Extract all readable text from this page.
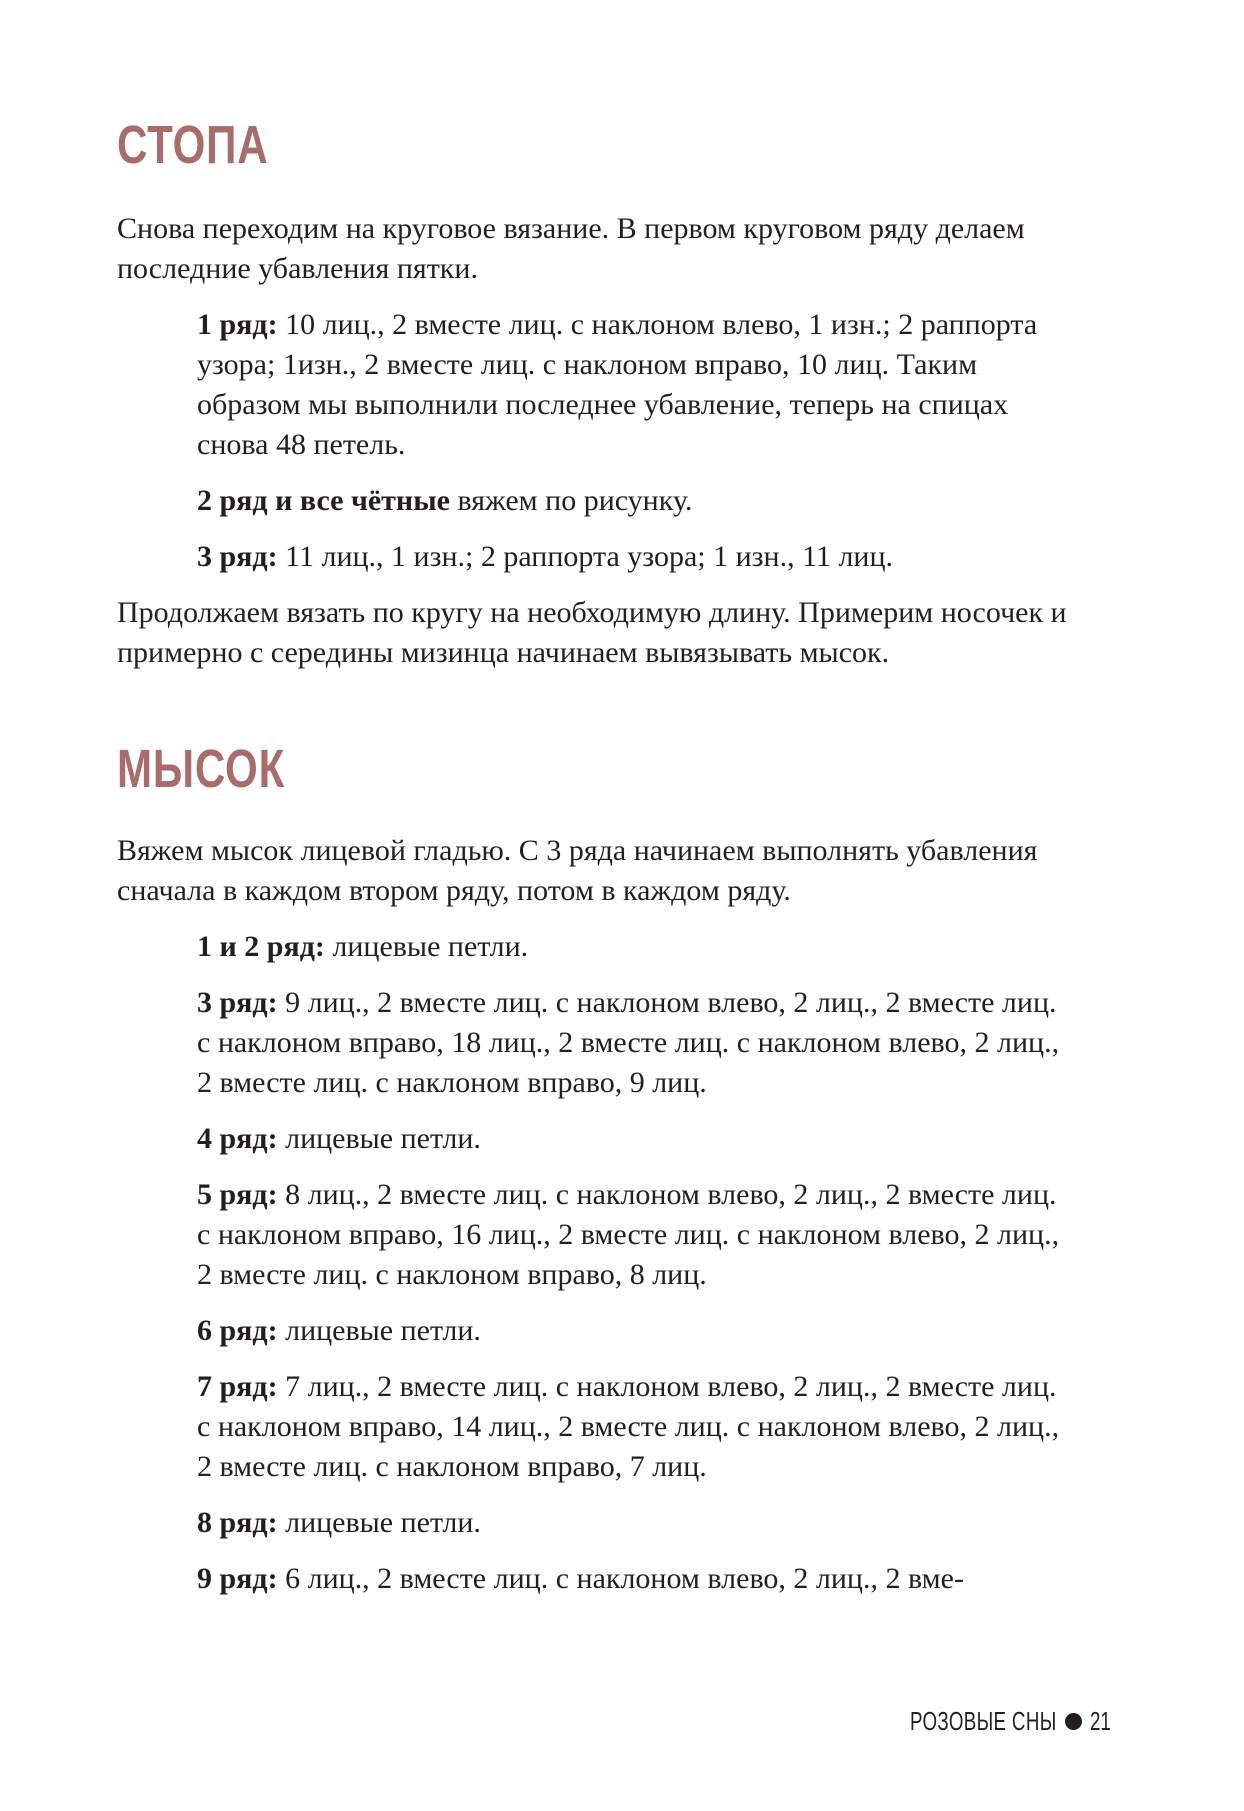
СТОПА

Снова переходим на круговое вязание. В первом круговом ряду делаем последние убавления пятки.

1 ряд: 10 лиц., 2 вместе лиц. с наклоном влево, 1 изн.; 2 раппорта узора; 1изн., 2 вместе лиц. с наклоном вправо, 10 лиц. Таким образом мы выполнили последнее убавление, теперь на спицах снова 48 петель.

2 ряд и все чётные вяжем по рисунку.

3 ряд: 11 лиц., 1 изн.; 2 раппорта узора; 1 изн., 11 лиц.

Продолжаем вязать по кругу на необходимую длину. Примерим носочек и примерно с середины мизинца начинаем вывязывать мысок.

МЫСОК

Вяжем мысок лицевой гладью. С 3 ряда начинаем выполнять убавления сначала в каждом втором ряду, потом в каждом ряду.

1 и 2 ряд: лицевые петли.

3 ряд: 9 лиц., 2 вместе лиц. с наклоном влево, 2 лиц., 2 вместе лиц. с наклоном вправо, 18 лиц., 2 вместе лиц. с наклоном влево, 2 лиц., 2 вместе лиц. с наклоном вправо, 9 лиц.

4 ряд: лицевые петли.

5 ряд: 8 лиц., 2 вместе лиц. с наклоном влево, 2 лиц., 2 вместе лиц. с наклоном вправо, 16 лиц., 2 вместе лиц. с наклоном влево, 2 лиц., 2 вместе лиц. с наклоном вправо, 8 лиц.

6 ряд: лицевые петли.

7 ряд: 7 лиц., 2 вместе лиц. с наклоном влево, 2 лиц., 2 вместе лиц. с наклоном вправо, 14 лиц., 2 вместе лиц. с наклоном влево, 2 лиц., 2 вместе лиц. с наклоном вправо, 7 лиц.

8 ряд: лицевые петли.

9 ряд: 6 лиц., 2 вместе лиц. с наклоном влево, 2 лиц., 2 вме-

РОЗОВЫЕ СНЫ 21
